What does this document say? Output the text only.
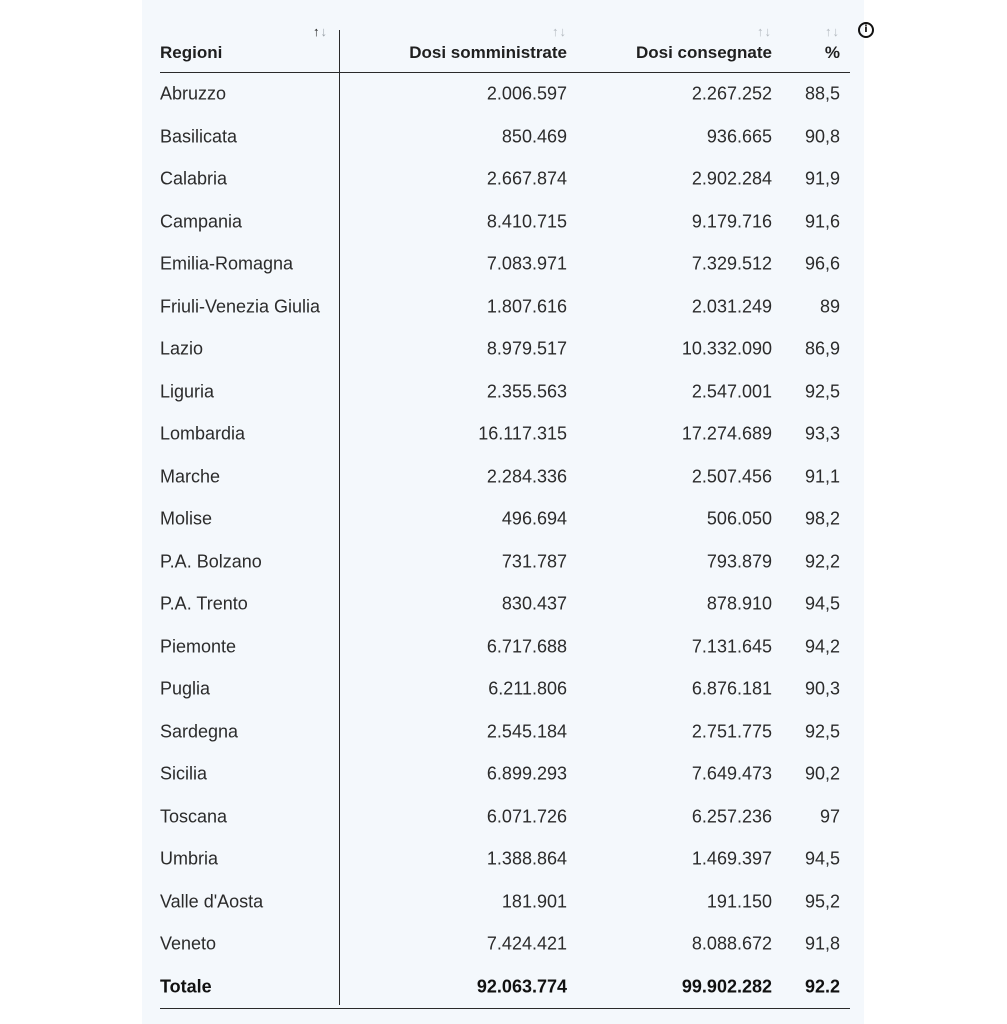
i
↑↓
Regioni
↑↓
Dosi somministrate
↑↓
Dosi consegnate
↑↓
%
Abruzzo	2.006.597	2.267.252 88,5
Basilicata	850.469	936.665 90,8
Calabria	2.667.874	2.902.284 91,9
Campania	8.410.715	9.179.716 91,6
Emilia-Romagna	7.083.971	7.329.512 96,6
Friuli-Venezia Giulia	1.807.616	2.031.249	89
Lazio	8.979.517	10.332.090 86,9
Liguria	2.355.563	2.547.001 92,5
Lombardia	16.117.315	17.274.689 93,3
Marche	2.284.336	2.507.456 91,1
Molise	496.694	506.050 98,2
P.A. Bolzano	731.787	793.879 92,2
P.A. Trento	830.437	878.910 94,5
Piemonte	6.717.688	7.131.645 94,2
Puglia	6.211.806	6.876.181 90,3
Sardegna	2.545.184	2.751.775 92,5
Sicilia	6.899.293	7.649.473 90,2
Toscana	6.071.726	6.257.236	97
Umbria	1.388.864	1.469.397 94,5
Valle d'Aosta	181.901	191.150 95,2
Veneto	7.424.421	8.088.672 91,8
Totale	92.063.774	99.902.282 92.2
